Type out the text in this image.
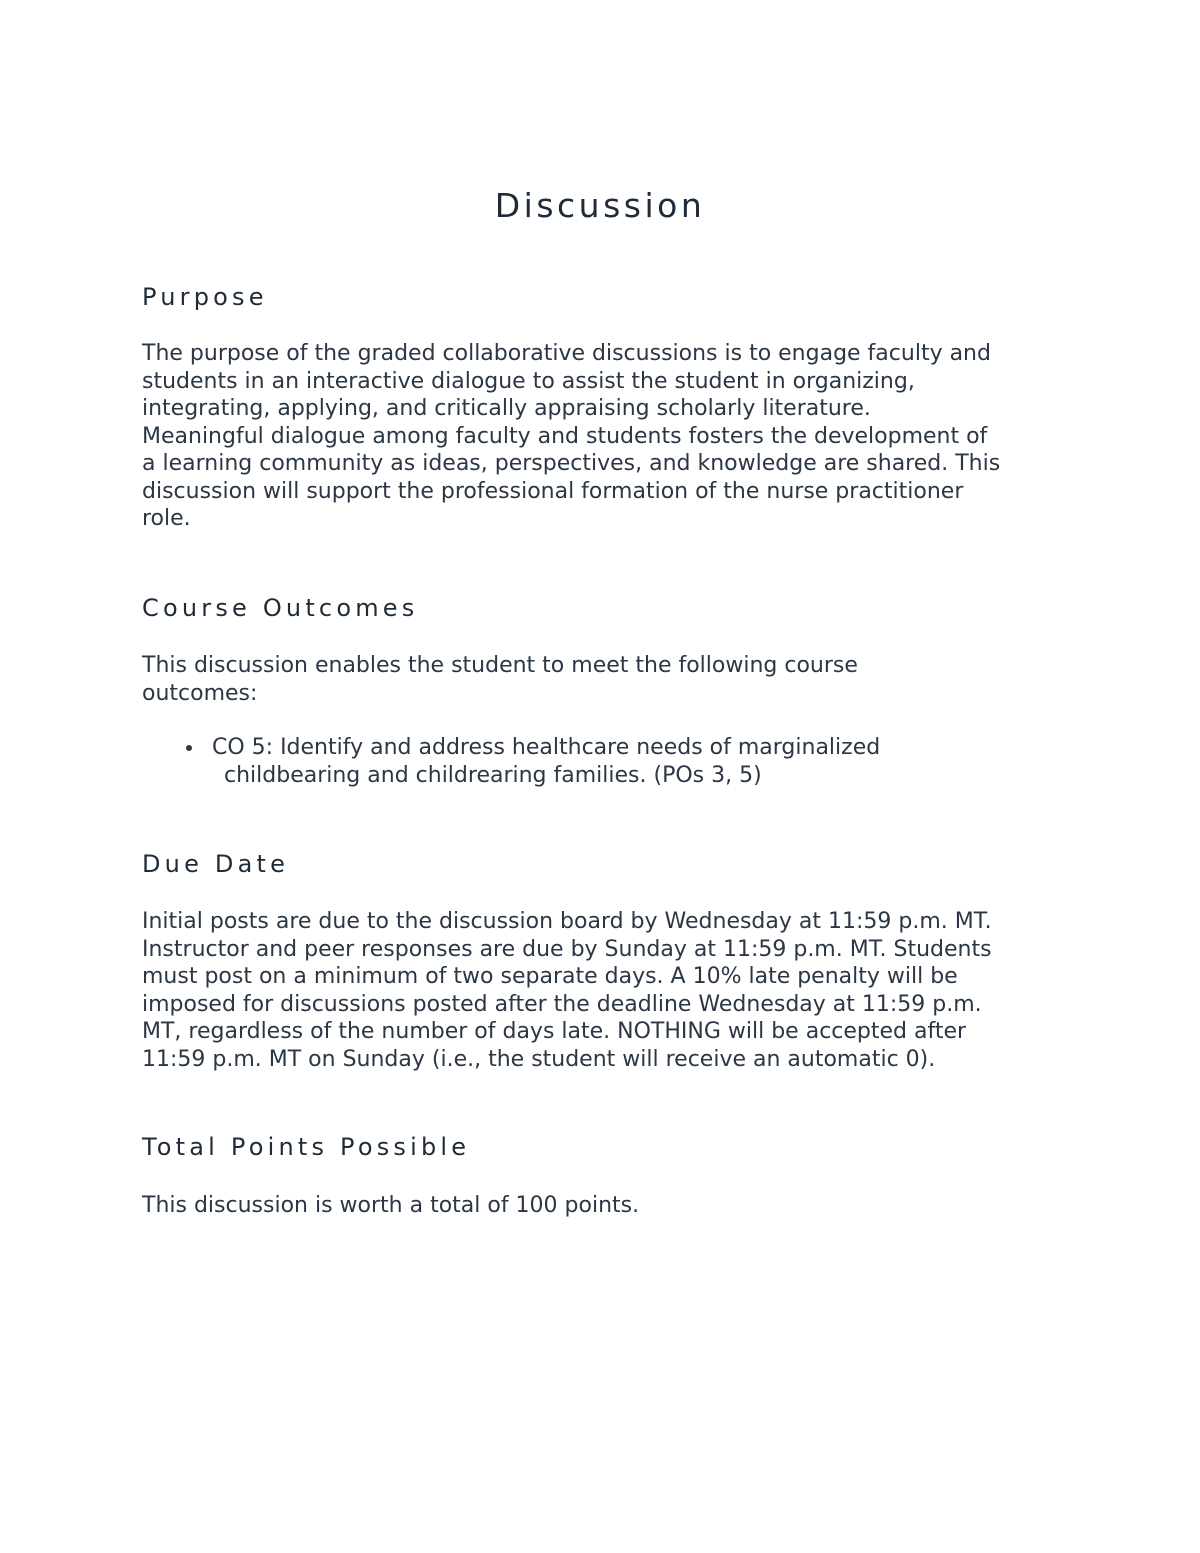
Discussion
Purpose

The purpose of the graded collaborative discussions is to engage faculty and
students in an interactive dialogue to assist the student in organizing,
integrating, applying, and critically appraising scholarly literature.
Meaningful dialogue among faculty and students fosters the development of
a learning community as ideas, perspectives, and knowledge are shared. This
discussion will support the professional formation of the nurse practitioner
role.

Course Outcomes

This discussion enables the student to meet the following course
outcomes:

CO 5: Identify and address healthcare needs of marginalized
childbearing and childrearing families. (POs 3, 5)
Due Date

Initial posts are due to the discussion board by Wednesday at 11:59 p.m. MT.
Instructor and peer responses are due by Sunday at 11:59 p.m. MT. Students
must post on a minimum of two separate days. A 10% late penalty will be
imposed for discussions posted after the deadline Wednesday at 11:59 p.m.
MT, regardless of the number of days late. NOTHING will be accepted after
11:59 p.m. MT on Sunday (i.e., the student will receive an automatic 0).

Total Points Possible

This discussion is worth a total of 100 points.
